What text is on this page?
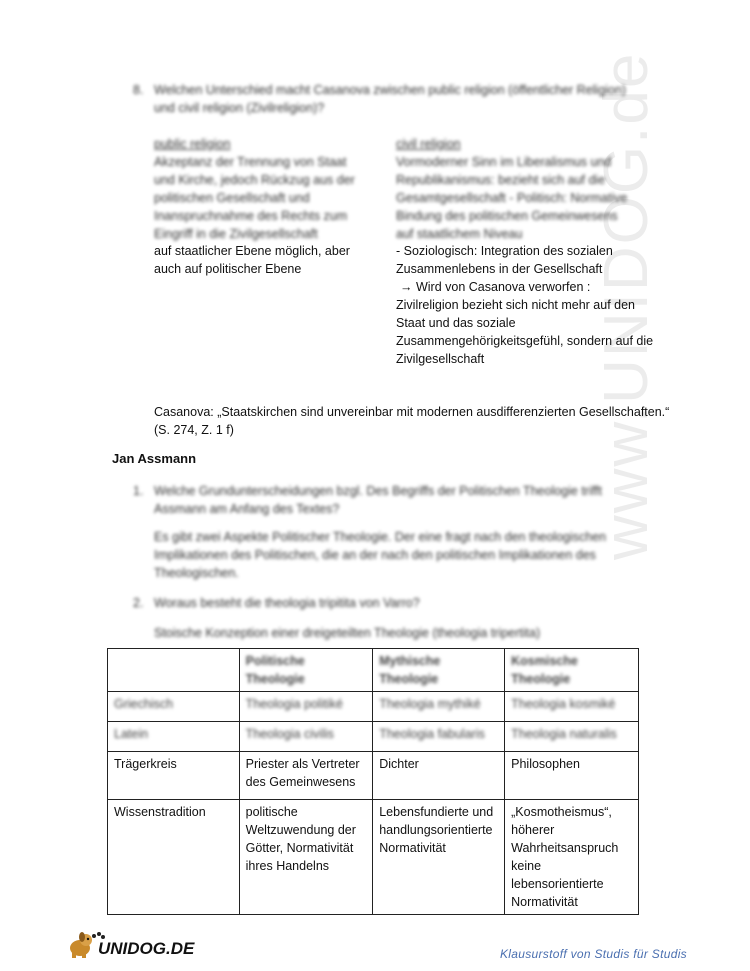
www.UNIDOG.de
8. Welchen Unterschied macht Casanova zwischen public religion (öffentlicher Religion) und civil religion (Zivilreligion)?
public religion
Akzeptanz der Trennung von Staat und Kirche, jedoch Rückzug aus der politischen Gesellschaft und Inanspruchnahme des Rechts zum Eingriff in die Zivilgesellschaft
auf staatlicher Ebene möglich, aber
auch auf politischer Ebene
civil religion
Vormoderner Sinn im Liberalismus und Republikanismus: bezieht sich auf die Gesamtgesellschaft - Politisch: Normative Bindung des politischen Gemeinwesens auf staatlichem Niveau
- Soziologisch: Integration des sozialen
Zusammenlebens in der Gesellschaft
→ Wird von Casanova verworfen :
Zivilreligion bezieht sich nicht mehr auf den
Staat und das soziale
Zusammengehörigkeitsgefühl, sondern auf die
Zivilgesellschaft
Casanova: „Staatskirchen sind unvereinbar mit modernen ausdifferenzierten Gesellschaften.“
(S. 274, Z. 1 f)
Jan Assmann
1. Welche Grundunterscheidungen bzgl. Des Begriffs der Politischen Theologie trifft Assmann am Anfang des Textes?
Es gibt zwei Aspekte Politischer Theologie. Der eine fragt nach den theologischen Implikationen des Politischen, die an der nach den politischen Implikationen des Theologischen.
2. Woraus besteht die theologia tripitita von Varro?
Stoische Konzeption einer dreigeteilten Theologie (theologia tripertita)
	Politische Theologie	Mythische Theologie	Kosmische Theologie
Griechisch	Theologia politiké	Theologia mythiké	Theologia kosmiké
Latein	Theologia civilis	Theologia fabularis	Theologia naturalis
Trägerkreis	Priester als Vertreter des Gemeinwesens	Dichter	Philosophen
Wissenstradition	politische Weltzuwendung der Götter, Normativität ihres Handelns	Lebensfundierte und handlungsorientierte Normativität	„Kosmotheismus“, höherer Wahrheitsanspruch keine lebensorientierte Normativität
UNIDOG.DE	Klausurstoff von Studis für Studis
